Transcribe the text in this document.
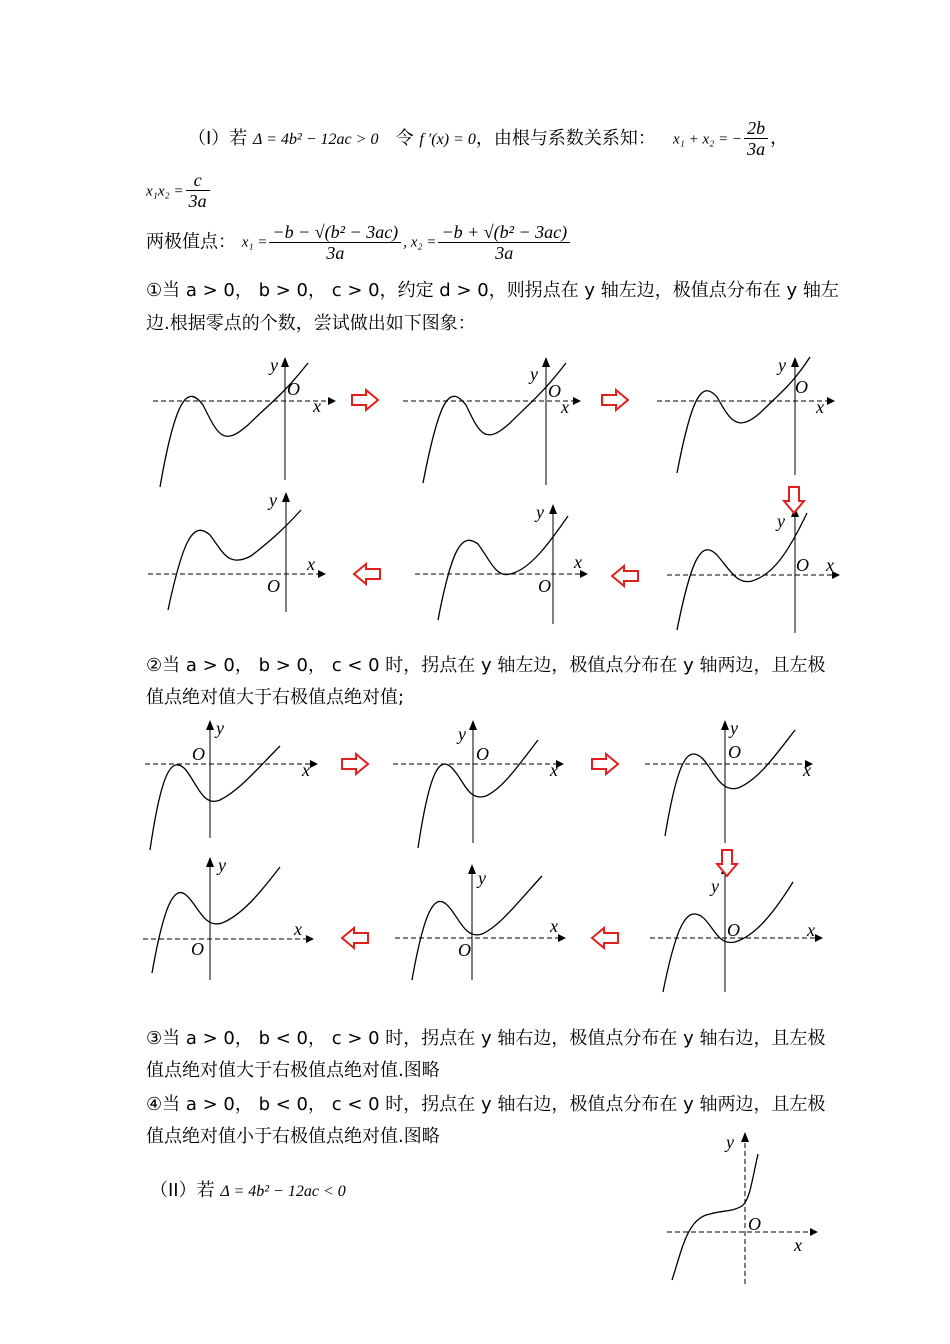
（I）若 Δ = 4b² − 12ac > 0 令 f ′(x) = 0，由根与系数关系知： x₁ + x₂ = − $\frac{2b}{3a}$ ，
$x_1x_2 = \frac{c}{3a}$
两极值点： $x_1 = \frac{\text{−b − √(b² − 3ac)}}{3a}$ , $x_2 = \frac{\text{−b + √(b² − 3ac)}}{3a}$
①当 a > 0， b > 0， c > 0，约定 d > 0，则拐点在 y 轴左边，极值点分布在 y 轴左
边.根据零点的个数，尝试做出如下图象：
y
O
x
y
O
x
y
O
x
y
O
x
y
O
x
y
O x
②当 a > 0， b > 0， c < 0 时，拐点在 y 轴左边，极值点分布在 y 轴两边，且左极
值点绝对值大于右极值点绝对值;
y
O
x
y
O
x
y
O
x
y
O
x
y
O
x
y
O	x
③当 a > 0， b < 0， c > 0 时，拐点在 y 轴右边，极值点分布在 y 轴右边，且左极
值点绝对值大于右极值点绝对值.图略
④当 a > 0， b < 0， c < 0 时，拐点在 y 轴右边，极值点分布在 y 轴两边，且左极
值点绝对值小于右极值点绝对值.图略
（II）若 Δ = 4b² − 12ac < 0
y
O
x
